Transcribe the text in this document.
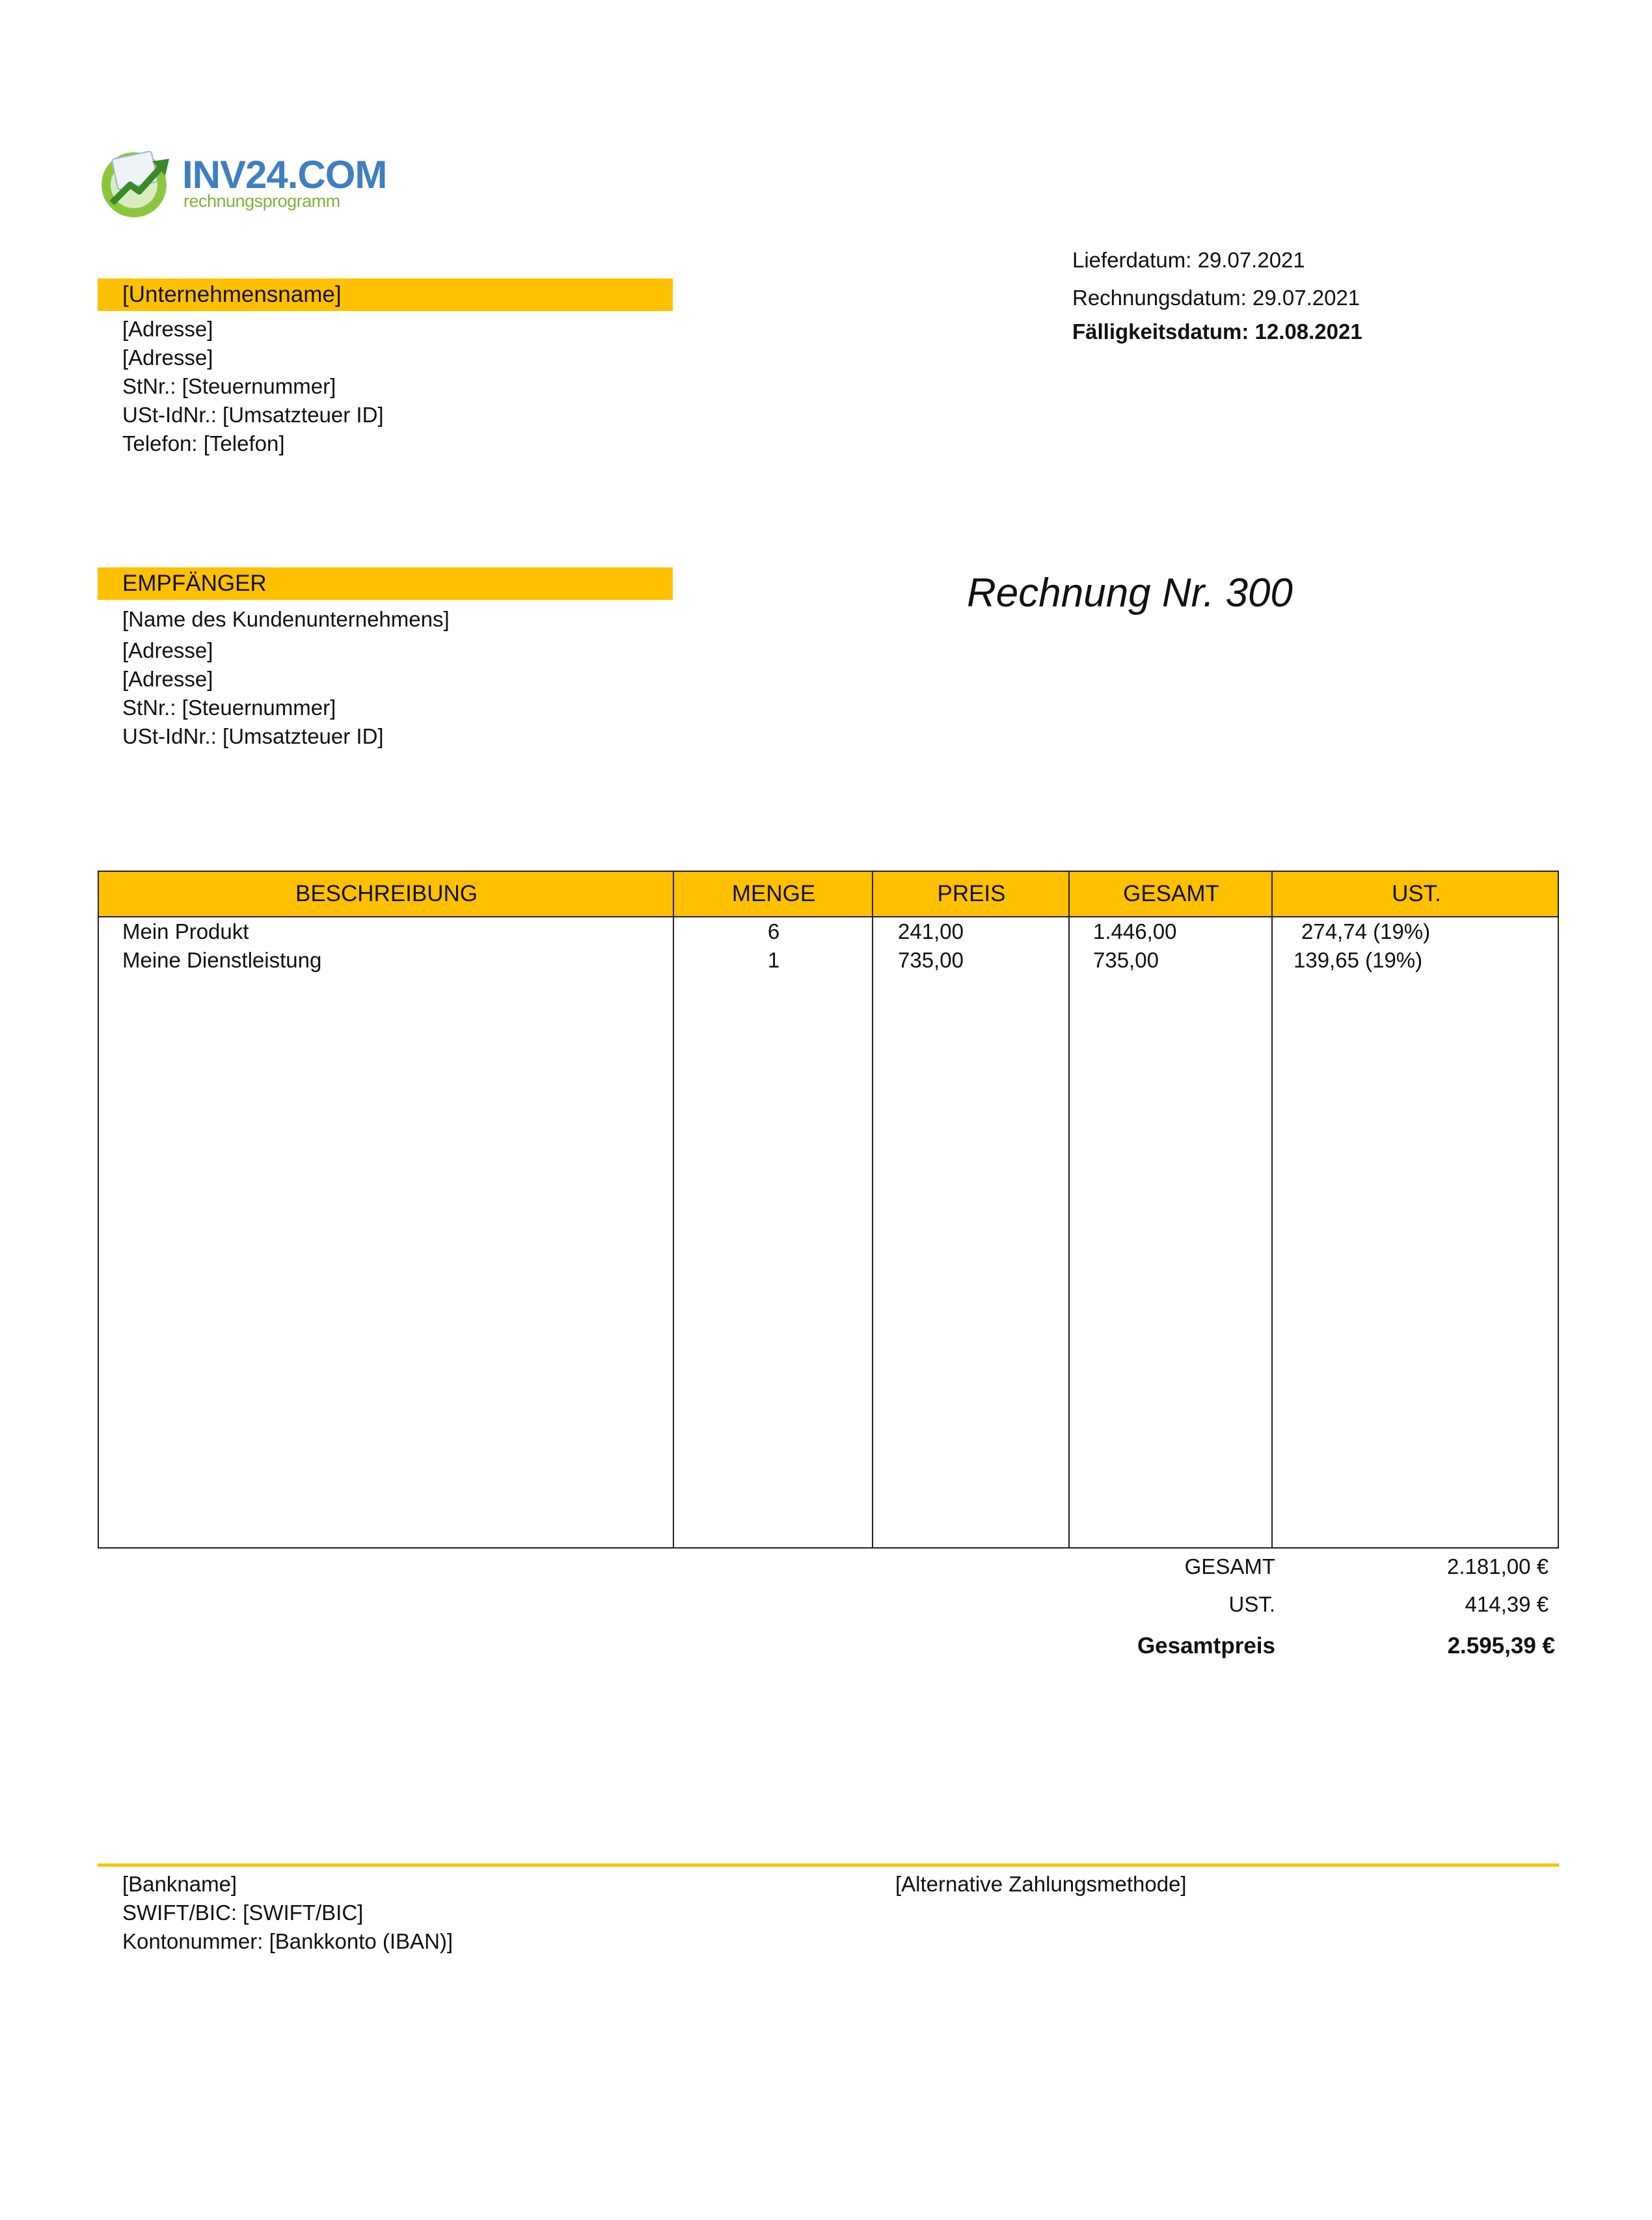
INV24.COM
rechnungsprogramm
[Unternehmensname]
[Adresse]
[Adresse]
StNr.: [Steuernummer]
USt-IdNr.: [Umsatzteuer ID]
Telefon: [Telefon]
Lieferdatum: 29.07.2021
Rechnungsdatum: 29.07.2021
Fälligkeitsdatum: 12.08.2021
EMPFÄNGER
[Name des Kundenunternehmens]
[Adresse]
[Adresse]
StNr.: [Steuernummer]
USt-IdNr.: [Umsatzteuer ID]
Rechnung Nr. 300
BESCHREIBUNG	MENGE	PREIS	GESAMT	UST.
Mein Produkt	6	241,00	1.446,00	274,74 (19%)
Meine Dienstleistung	1	735,00	735,00	139,65 (19%)
GESAMT	2.181,00 €
UST.	414,39 €
Gesamtpreis	2.595,39 €
[Bankname]
SWIFT/BIC: [SWIFT/BIC]
Kontonummer: [Bankkonto (IBAN)]
[Alternative Zahlungsmethode]
